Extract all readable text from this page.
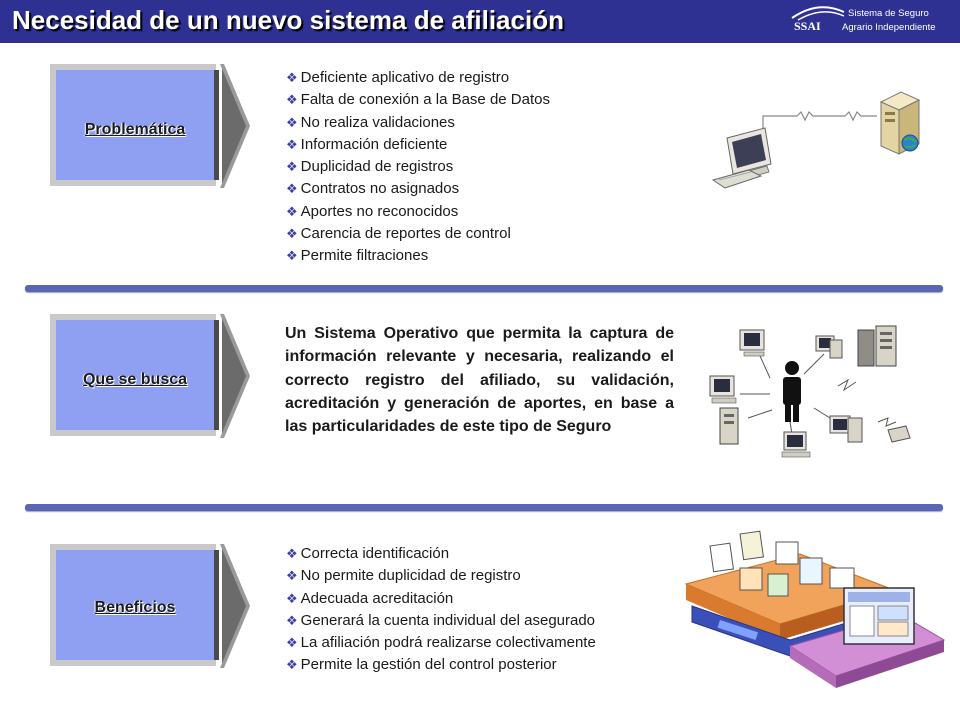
Necesidad de un nuevo sistema de afiliación	SSAI
Sistema de Seguro
Agrario Independiente
Problemática
❖ Deficiente aplicativo de registro
❖ Falta de conexión a la Base de Datos
❖ No realiza validaciones
❖ Información deficiente
❖ Duplicidad de registros
❖ Contratos no asignados
❖ Aportes no reconocidos
❖ Carencia de reportes de control
❖ Permite filtraciones
Que se busca

Un Sistema Operativo que permita la captura de información relevante y necesaria, realizando el correcto registro del afiliado, su validación, acreditación y generación de aportes, en base a las particularidades de este tipo de Seguro

Beneficios
❖ Correcta identificación
❖ No permite duplicidad de registro
❖ Adecuada acreditación
❖ Generará la cuenta individual del asegurado
❖ La afiliación podrá realizarse colectivamente
❖ Permite la gestión del control posterior
